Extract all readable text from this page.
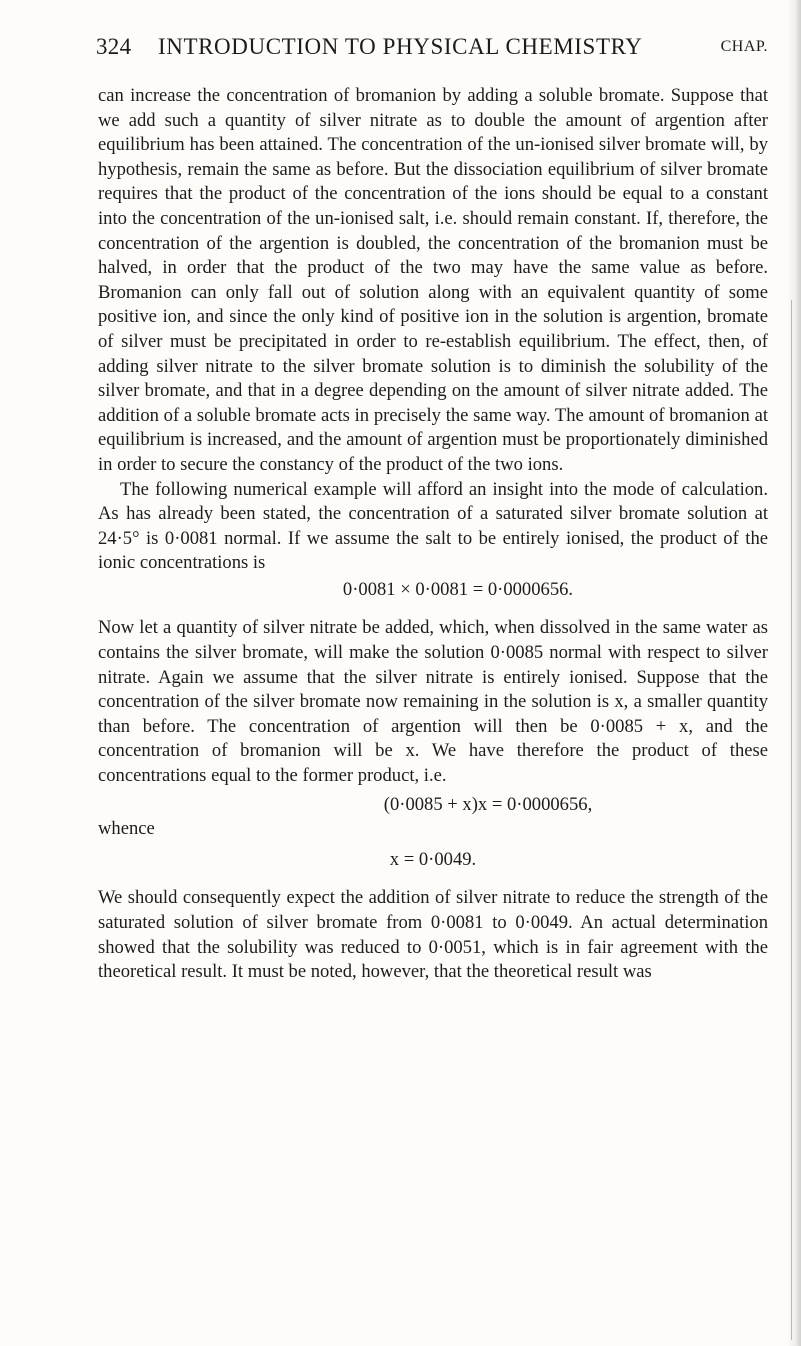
324 INTRODUCTION TO PHYSICAL CHEMISTRY	CHAP.

can increase the concentration of bromanion by adding a soluble bromate. Suppose that we add such a quantity of silver nitrate as to double the amount of argention after equilibrium has been attained. The concentration of the un-ionised silver bromate will, by hypothesis, remain the same as before. But the dissociation equilibrium of silver bromate requires that the product of the concentration of the ions should be equal to a constant into the concentration of the un-ionised salt, i.e. should remain constant. If, therefore, the concentration of the argention is doubled, the concentration of the bromanion must be halved, in order that the product of the two may have the same value as before. Bromanion can only fall out of solution along with an equivalent quantity of some positive ion, and since the only kind of positive ion in the solution is argention, bromate of silver must be precipitated in order to re-establish equilibrium. The effect, then, of adding silver nitrate to the silver bromate solution is to diminish the solubility of the silver bromate, and that in a degree depending on the amount of silver nitrate added. The addition of a soluble bromate acts in precisely the same way. The amount of bromanion at equilibrium is increased, and the amount of argention must be proportionately diminished in order to secure the constancy of the product of the two ions.

The following numerical example will afford an insight into the mode of calculation. As has already been stated, the concentration of a saturated silver bromate solution at 24·5° is 0·0081 normal. If we assume the salt to be entirely ionised, the product of the ionic concentrations is

0·0081 × 0·0081 = 0·0000656.

Now let a quantity of silver nitrate be added, which, when dissolved in the same water as contains the silver bromate, will make the solution 0·0085 normal with respect to silver nitrate. Again we assume that the silver nitrate is entirely ionised. Suppose that the concentration of the silver bromate now remaining in the solution is x, a smaller quantity than before. The concentration of argention will then be 0·0085 + x, and the concentration of bromanion will be x. We have therefore the product of these concentrations equal to the former product, i.e.

(0·0085 + x)x = 0·0000656,

whence

x = 0·0049.

We should consequently expect the addition of silver nitrate to reduce the strength of the saturated solution of silver bromate from 0·0081 to 0·0049. An actual determination showed that the solubility was reduced to 0·0051, which is in fair agreement with the theoretical result. It must be noted, however, that the theoretical result was
